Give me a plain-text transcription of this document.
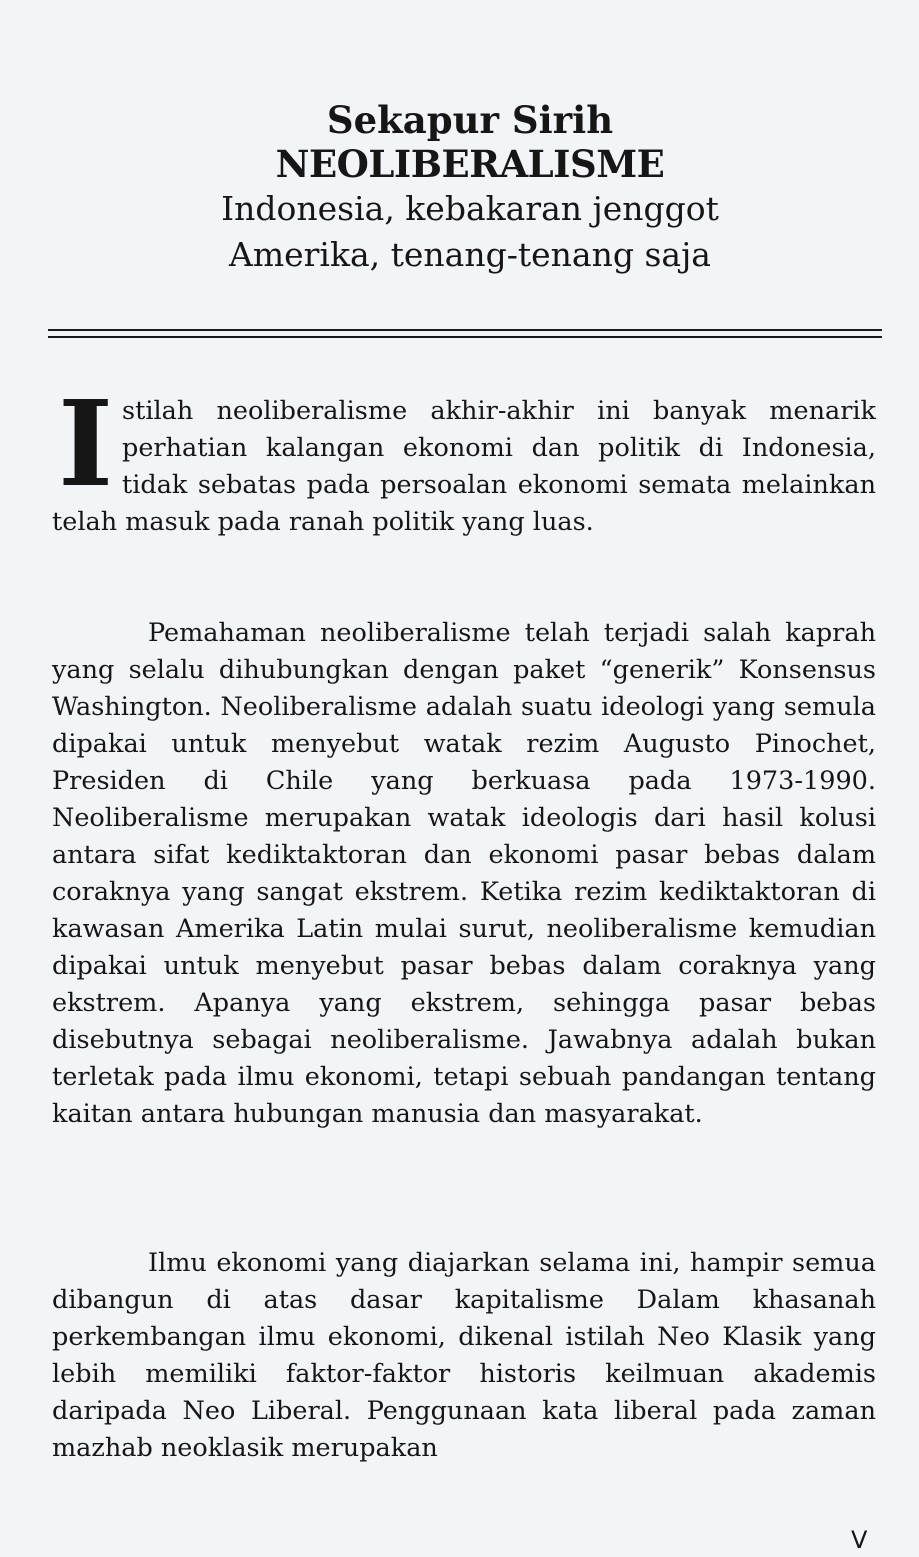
Sekapur Sirih
NEOLIBERALISME
Indonesia, kebakaran jenggot
Amerika, tenang-tenang saja
I stilah neoliberalisme akhir-akhir ini banyak menarik perhatian kalangan ekonomi dan politik di Indonesia, tidak sebatas pada persoalan ekonomi semata melainkan telah masuk pada ranah politik yang luas.
Pemahaman neoliberalisme telah terjadi salah kaprah yang selalu dihubungkan dengan paket “generik” Konsensus Washington. Neoliberalisme adalah suatu ideologi yang semula dipakai untuk menyebut watak rezim Augusto Pinochet, Presiden di Chile yang berkuasa pada 1973-1990. Neoliberalisme merupakan watak ideologis dari hasil kolusi antara sifat kediktaktoran dan ekonomi pasar bebas dalam coraknya yang sangat ekstrem. Ketika rezim kediktaktoran di kawasan Amerika Latin mulai surut, neoliberalisme kemudian dipakai untuk menyebut pasar bebas dalam coraknya yang ekstrem. Apanya yang ekstrem, sehingga pasar bebas disebutnya sebagai neoliberalisme. Jawabnya adalah bukan terletak pada ilmu ekonomi, tetapi sebuah pandangan tentang kaitan antara hubungan manusia dan masyarakat.
Ilmu ekonomi yang diajarkan selama ini, hampir semua dibangun di atas dasar kapitalisme Dalam khasanah perkembangan ilmu ekonomi, dikenal istilah Neo Klasik yang lebih memiliki faktor-faktor historis keilmuan akademis daripada Neo Liberal. Penggunaan kata liberal pada zaman mazhab neoklasik merupakan
V
